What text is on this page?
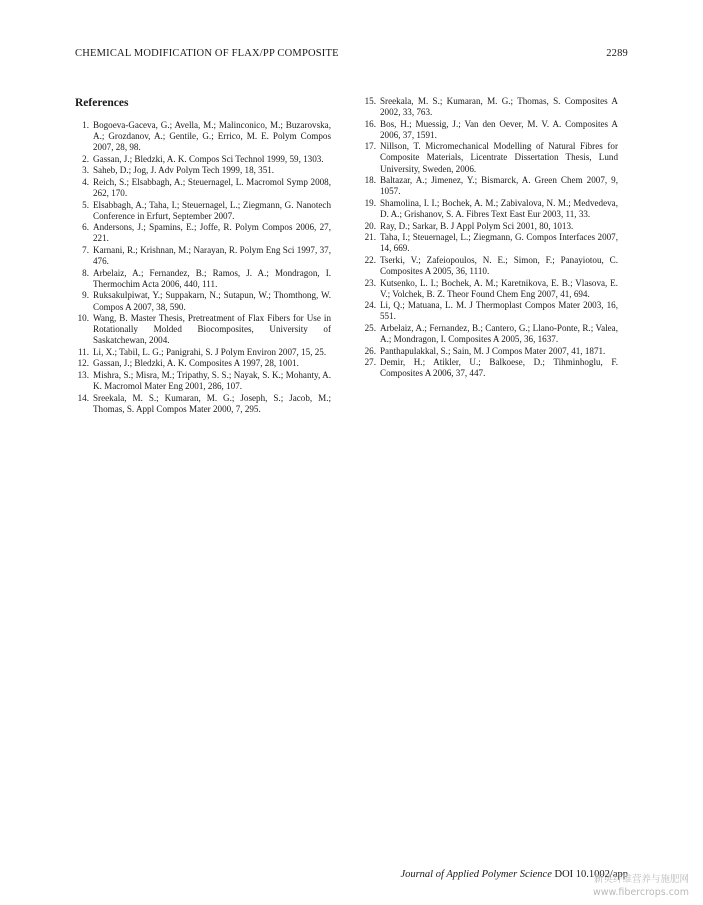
CHEMICAL MODIFICATION OF FLAX/PP COMPOSITE	2289
References
1. Bogoeva-Gaceva, G.; Avella, M.; Malinconico, M.; Buzarovska, A.; Grozdanov, A.; Gentile, G.; Errico, M. E. Polym Compos 2007, 28, 98.
2. Gassan, J.; Bledzki, A. K. Compos Sci Technol 1999, 59, 1303.
3. Saheb, D.; Jog, J. Adv Polym Tech 1999, 18, 351.
4. Reich, S.; Elsabbagh, A.; Steuernagel, L. Macromol Symp 2008, 262, 170.
5. Elsabbagh, A.; Taha, I.; Steuernagel, L.; Ziegmann, G. Nanotech Conference in Erfurt, September 2007.
6. Andersons, J.; Spamins, E.; Joffe, R. Polym Compos 2006, 27, 221.
7. Karnani, R.; Krishnan, M.; Narayan, R. Polym Eng Sci 1997, 37, 476.
8. Arbelaiz, A.; Fernandez, B.; Ramos, J. A.; Mondragon, I. Thermochim Acta 2006, 440, 111.
9. Ruksakulpiwat, Y.; Suppakarn, N.; Sutapun, W.; Thomthong, W. Compos A 2007, 38, 590.
10. Wang, B. Master Thesis, Pretreatment of Flax Fibers for Use in Rotationally Molded Biocomposites, University of Saskatchewan, 2004.
11. Li, X.; Tabil, L. G.; Panigrahi, S. J Polym Environ 2007, 15, 25.
12. Gassan, J.; Bledzki, A. K. Composites A 1997, 28, 1001.
13. Mishra, S.; Misra, M.; Tripathy, S. S.; Nayak, S. K.; Mohanty, A. K. Macromol Mater Eng 2001, 286, 107.
14. Sreekala, M. S.; Kumaran, M. G.; Joseph, S.; Jacob, M.; Thomas, S. Appl Compos Mater 2000, 7, 295.
15. Sreekala, M. S.; Kumaran, M. G.; Thomas, S. Composites A 2002, 33, 763.
16. Bos, H.; Muessig, J.; Van den Oever, M. V. A. Composites A 2006, 37, 1591.
17. Nillson, T. Micromechanical Modelling of Natural Fibres for Composite Materials, Licentrate Dissertation Thesis, Lund University, Sweden, 2006.
18. Baltazar, A.; Jimenez, Y.; Bismarck, A. Green Chem 2007, 9, 1057.
19. Shamolina, I. I.; Bochek, A. M.; Zabivalova, N. M.; Medvedeva, D. A.; Grishanov, S. A. Fibres Text East Eur 2003, 11, 33.
20. Ray, D.; Sarkar, B. J Appl Polym Sci 2001, 80, 1013.
21. Taha, I.; Steuernagel, L.; Ziegmann, G. Compos Interfaces 2007, 14, 669.
22. Tserki, V.; Zafeiopoulos, N. E.; Simon, F.; Panayiotou, C. Composites A 2005, 36, 1110.
23. Kutsenko, L. I.; Bochek, A. M.; Karetnikova, E. B.; Vlasova, E. V.; Volchek, B. Z. Theor Found Chem Eng 2007, 41, 694.
24. Li, Q.; Matuana, L. M. J Thermoplast Compos Mater 2003, 16, 551.
25. Arbelaiz, A.; Fernandez, B.; Cantero, G.; Llano-Ponte, R.; Valea, A.; Mondragon, I. Composites A 2005, 36, 1637.
26. Panthapulakkal, S.; Sain, M. J Compos Mater 2007, 41, 1871.
27. Demir, H.; Atikler, U.; Balkoese, D.; Tihminhoglu, F. Composites A 2006, 37, 447.
Journal of Applied Polymer Science DOI 10.1002/app
新英纤维营养与施肥网
www.fibercrops.com
